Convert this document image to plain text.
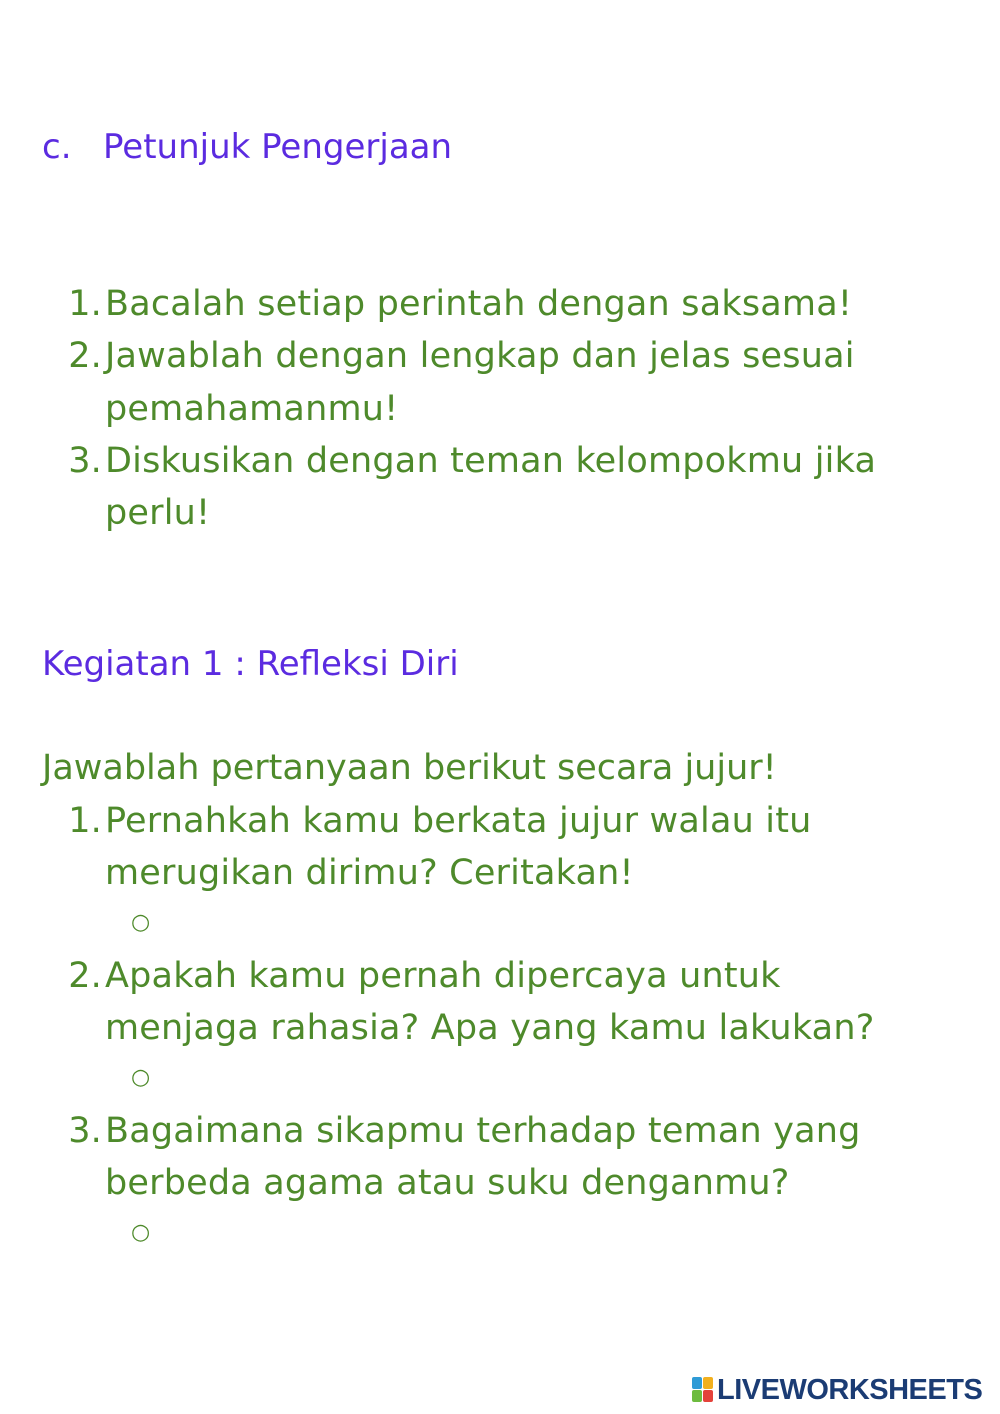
c. Petunjuk Pengerjaan
1. Bacalah setiap perintah dengan saksama!
2. Jawablah dengan lengkap dan jelas sesuai
pemahamanmu!
3. Diskusikan dengan teman kelompokmu jika
perlu!
Kegiatan 1 : Refleksi Diri
Jawablah pertanyaan berikut secara jujur!
1. Pernahkah kamu berkata jujur walau itu
merugikan dirimu? Ceritakan!
○
2. Apakah kamu pernah dipercaya untuk
menjaga rahasia? Apa yang kamu lakukan?
○
3. Bagaimana sikapmu terhadap teman yang
berbeda agama atau suku denganmu?
○
LIVEWORKSHEETS
